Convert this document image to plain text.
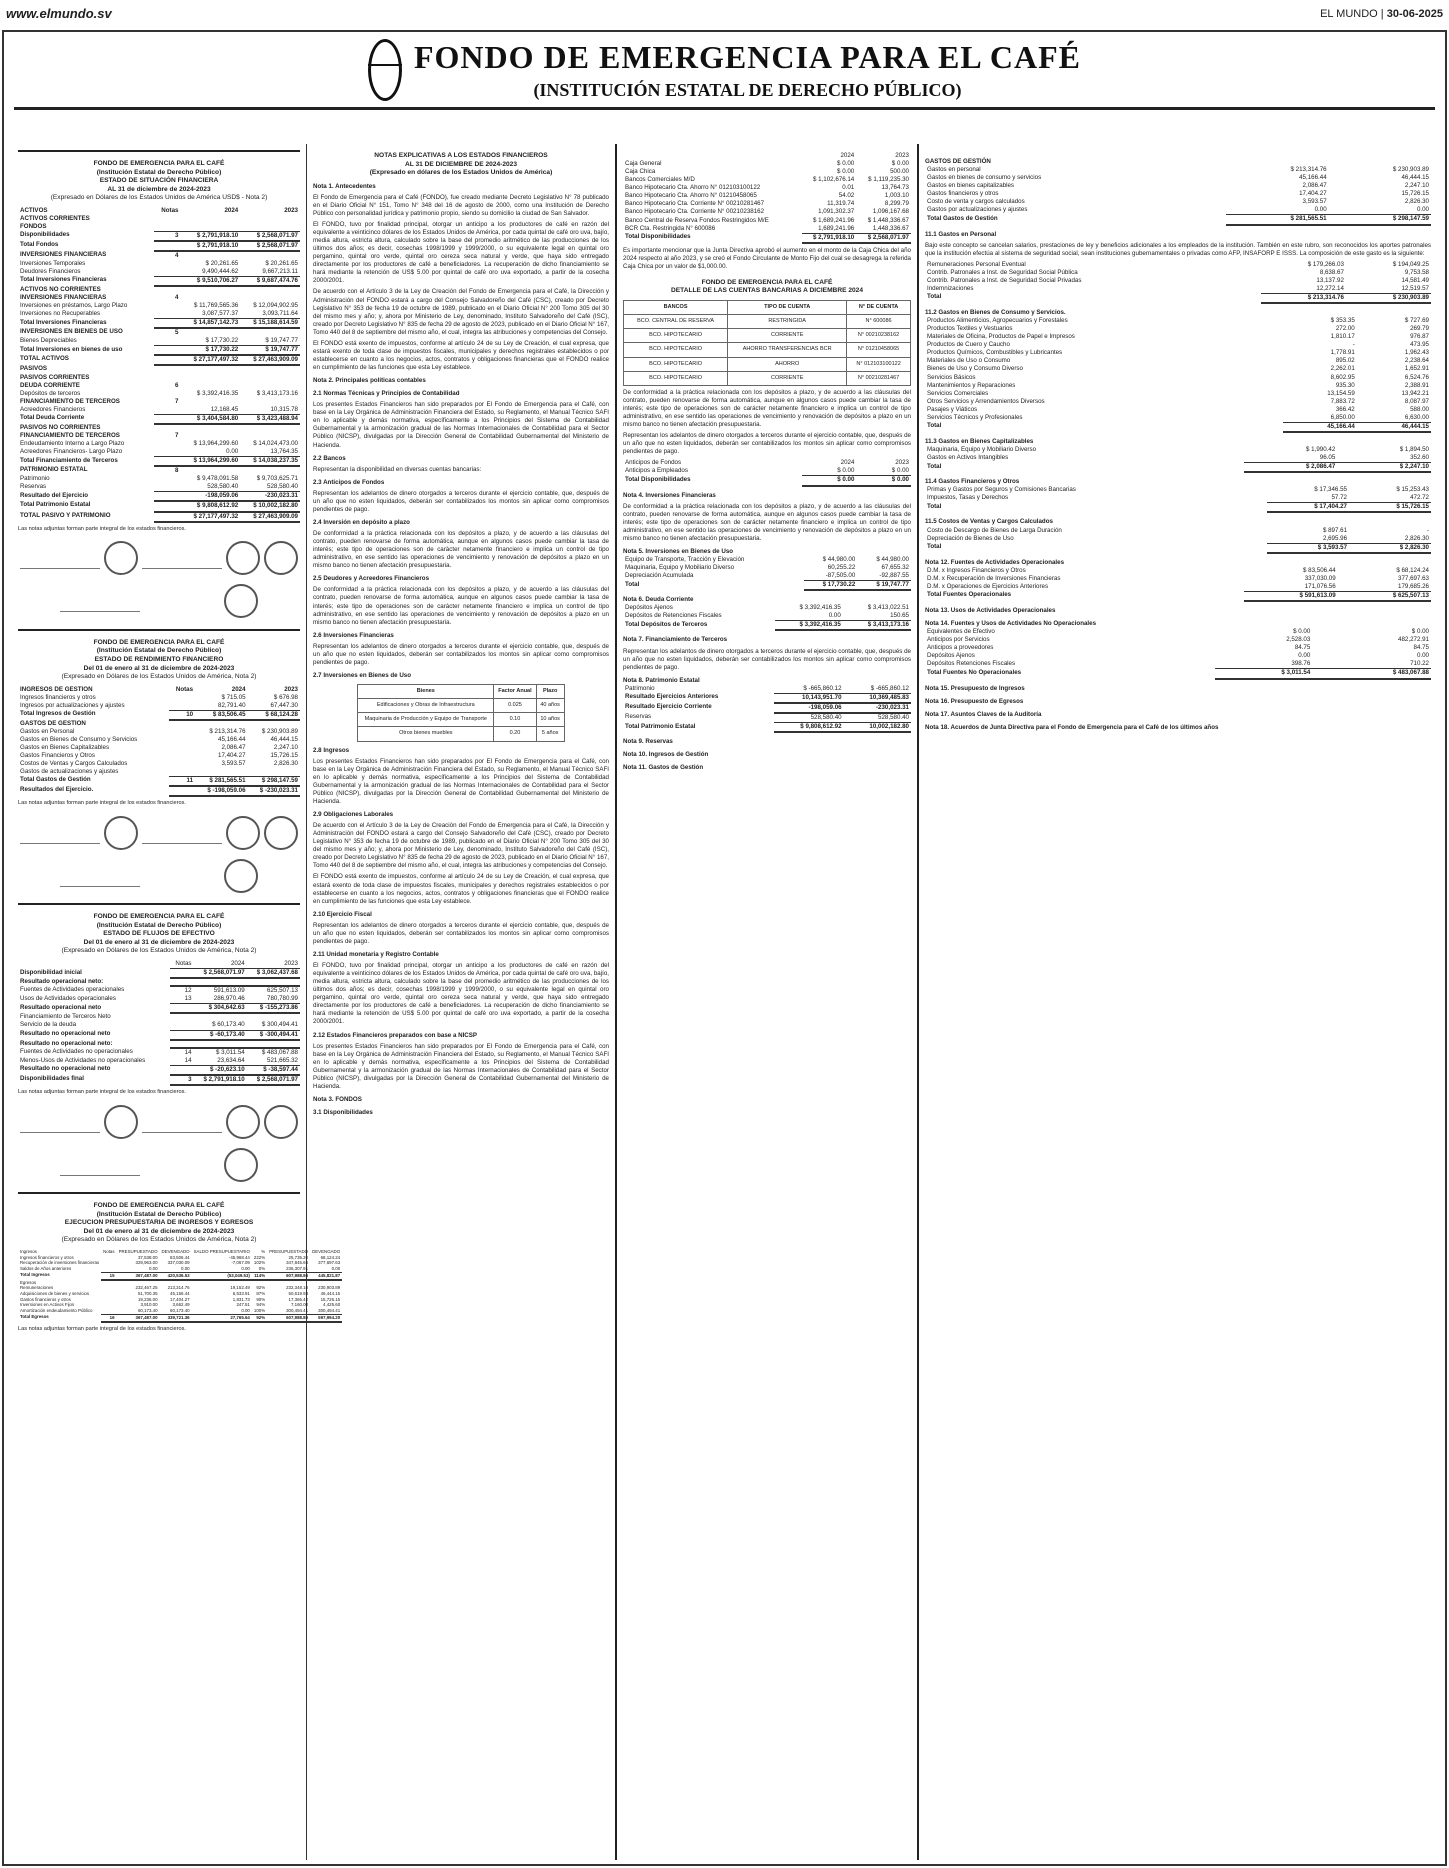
www.elmundo.sv	EL MUNDO | 30-06-2025
FONDO DE EMERGENCIA PARA EL CAFÉ
(INSTITUCIÓN ESTATAL DE DERECHO PÚBLICO)
FONDO DE EMERGENCIA PARA EL CAFÉ
(Institución Estatal de Derecho Público)
ESTADO DE SITUACIÓN FINANCIERA
AL 31 de diciembre de 2024-2023
(Expresado en Dólares de los Estados Unidos de América USD$ - Nota 2)
ACTIVOS	Notas	2024	2023
ACTIVOS CORRIENTES			
FONDOS			
Disponibilidades	3	$ 2,791,918.10	$ 2,568,071.97
Total Fondos		$ 2,791,918.10	$ 2,568,071.97
INVERSIONES FINANCIERAS	4		
Inversiones Temporales		$ 20,261.65	$ 20,261.65
Deudores Financieros		9,490,444.62	9,667,213.11
Total Inversiones Financieras		$ 9,510,706.27	$ 9,687,474.76
ACTIVOS NO CORRIENTES			
INVERSIONES FINANCIERAS	4		
Inversiones en préstamos, Largo Plazo		$ 11,769,565.36	$ 12,094,902.95
Inversiones no Recuperables		3,087,577.37	3,093,711.64
Total Inversiones Financieras		$ 14,857,142.73	$ 15,188,614.59
INVERSIONES EN BIENES DE USO	5		
Bienes Depreciables		$ 17,730.22	$ 19,747.77
Total Inversiones en bienes de uso		$ 17,730.22	$ 19,747.77
TOTAL ACTIVOS		$ 27,177,497.32	$ 27,463,909.09
PASIVOS			
PASIVOS CORRIENTES			
DEUDA CORRIENTE	6		
Depósitos de terceros		$ 3,392,416.35	$ 3,413,173.16
FINANCIAMIENTO DE TERCEROS	7		
Acreedores Financieros		12,168.45	10,315.78
Total Deuda Corriente		$ 3,404,584.80	$ 3,423,488.94
PASIVOS NO CORRIENTES			
FINANCIAMIENTO DE TERCEROS	7		
Endeudamiento Interno a Largo Plazo		$ 13,964,299.60	$ 14,024,473.00
Acreedores Financieros- Largo Plazo		0.00	13,764.35
Total Financiamiento de Terceros		$ 13,964,299.60	$ 14,038,237.35
PATRIMONIO ESTATAL	8		
Patrimonio		$ 9,478,091.58	$ 9,703,625.71
Reservas		528,580.40	528,580.40
Resultado del Ejercicio		-198,059.06	-230,023.31
Total Patrimonio Estatal		$ 9,808,612.92	$ 10,002,182.80
TOTAL PASIVO Y PATRIMONIO		$ 27,177,497.32	$ 27,463,909.09
Las notas adjuntas forman parte integral de los estados financieros.
FONDO DE EMERGENCIA PARA EL CAFÉ
(Institución Estatal de Derecho Público)
ESTADO DE RENDIMIENTO FINANCIERO
Del 01 de enero al 31 de diciembre de 2024-2023
(Expresado en Dólares de los Estados Unidos de América, Nota 2)
INGRESOS DE GESTION	Notas	2024	2023
Ingresos financieros y otros		$ 715.05	$ 676.98
Ingresos por actualizaciones y ajustes		82,791.40	67,447.30
Total Ingresos de Gestión	10	$ 83,506.45	$ 68,124.28
GASTOS DE GESTION			
Gastos en Personal		$ 213,314.76	$ 230,903.89
Gastos en Bienes de Consumo y Servicios		45,166.44	46,444.15
Gastos en Bienes Capitalizables		2,086.47	2,247.10
Gastos Financieros y Otros		17,404.27	15,726.15
Costos de Ventas y Cargos Calculados		3,593.57	2,826.30
Gastos de actualizaciones y ajustes			
Total Gastos de Gestión	11	$ 281,565.51	$ 298,147.59
Resultados del Ejercicio.		$ -198,059.06	$ -230,023.31
Las notas adjuntas forman parte integral de los estados financieros.
FONDO DE EMERGENCIA PARA EL CAFÉ
(Institución Estatal de Derecho Público)
ESTADO DE FLUJOS DE EFECTIVO
Del 01 de enero al 31 de diciembre de 2024-2023
(Expresado en Dólares de los Estados Unidos de América, Nota 2)
	Notas	2024	2023
Disponibilidad inicial		$ 2,568,071.97	$ 3,062,437.68
Resultado operacional neto:			
Fuentes de Actividades operacionales	12	591,613.09	625,507.13
Usos de Actividades operacionales	13	286,970.46	780,780.99
Resultado operacional neto		$ 304,642.63	$ -155,273.86
Financiamiento de Terceros Neto			
Servicio de la deuda		$ 60,173.40	$ 300,494.41
Resultado no operacional neto		$ -60,173.40	$ -300,494.41
Resultado no operacional neto:			
Fuentes de Actividades no operacionales	14	$ 3,011.54	$ 483,067.88
Menos-Usos de Actividades no operacionales	14	23,634.64	521,665.32
Resultado no operacional neto		$ -20,623.10	$ -38,597.44
Disponibilidades final	3	$ 2,791,918.10	$ 2,568,071.97
Las notas adjuntas forman parte integral de los estados financieros.
FONDO DE EMERGENCIA PARA EL CAFÉ
(Institución Estatal de Derecho Público)
EJECUCION PRESUPUESTARIA DE INGRESOS Y EGRESOS
Del 01 de enero al 31 de diciembre de 2024-2023
(Expresado en Dólares de los Estados Unidos de América, Nota 2)
Ingresos	Notas	PRESUPUESTADO	DEVENGADO	SALDO PRESUPUESTARIO	%	PRESUPUESTADO	DEVENGADO
Ingresos financieros y otros		37,538.00	83,506.44	-45,968.44	222%	25,735.20	68,124.24
Recuperación de inversiones financieras		329,963.00	337,030.09	-7,067.09	102%	347,845.65	377,697.63
Saldos de Años anteriores		0.00	0.00	0.00	0%	236,307.91	0.00
Total Ingresos	15	367,487.00	420,536.53	(53,049.53)	114%	607,988.86	445,821.87
Egresos							
Remuneraciones		232,467.25	213,314.76	19,152.49	92%	232,348.10	230,903.89
Adquisiciones de bienes y servicios		51,700.35	45,166.44	6,533.91	87%	50,619.93	46,444.15
Gastos financieros y otros		19,236.00	17,404.27	1,831.73	90%	17,366.42	15,726.15
Inversiones en Activos Fijos		3,910.00	3,662.49	247.51	94%	7,160.00	4,425.60
Amortización endeudamiento Público		60,173.40	60,173.40	0.00	100%	300,494.41	300,494.41
Total Egresos	16	367,487.00	339,721.36	27,765.64	92%	607,988.86	597,994.20
Las notas adjuntas forman parte integral de los estados financieros.
NOTAS EXPLICATIVAS A LOS ESTADOS FINANCIEROS
AL 31 DE DICIEMBRE DE 2024-2023
(Expresado en dólares de los Estados Unidos de América)
Nota 1. Antecedentes

El Fondo de Emergencia para el Café (FONDO), fue creado mediante Decreto Legislativo N° 78 publicado en el Diario Oficial N° 151, Tomo N° 348 del 16 de agosto de 2000, como una Institución de Derecho Público con personalidad jurídica y patrimonio propio, siendo su domicilio la ciudad de San Salvador.

El FONDO, tuvo por finalidad principal, otorgar un anticipo a los productores de café en razón del equivalente a veinticinco dólares de los Estados Unidos de América, por cada quintal de café oro uva, bajío, media altura, estricta altura, calculado sobre la base del promedio aritmético de las producciones de los últimos dos años; es decir, cosechas 1998/1999 y 1999/2000, o su equivalente legal en quintal oro pergamino, quintal oro verde, quintal oro cereza seca natural y verde, que haya sido entregado directamente por los productores de café a beneficiadores. La recuperación de dicho financiamiento se hará mediante la retención de US$ 5.00 por quintal de café oro uva exportado, a partir de la cosecha 2000/2001.

De acuerdo con el Artículo 3 de la Ley de Creación del Fondo de Emergencia para el Café, la Dirección y Administración del FONDO estará a cargo del Consejo Salvadoreño del Café (CSC), creado por Decreto Legislativo N° 353 de fecha 19 de octubre de 1989, publicado en el Diario Oficial N° 200 Tomo 305 del 30 del mismo mes y año; y, ahora por Ministerio de Ley, denominado, Instituto Salvadoreño del Café (ISC), creado por Decreto Legislativo N° 835 de fecha 29 de agosto de 2023, publicado en el Diario Oficial N° 167, Tomo 440 del 8 de septiembre del mismo año, el cual, integra las atribuciones y competencias del Consejo.

El FONDO está exento de impuestos, conforme al artículo 24 de su Ley de Creación, el cual expresa, que estará exento de toda clase de impuestos fiscales, municipales y derechos registrales establecidos o por establecerse en cuanto a los negocios, actos, contratos y obligaciones financieras que el FONDO realice en cumplimiento de las funciones que esta Ley establece.

Nota 2. Principales políticas contables
2.1 Normas Técnicas y Principios de Contabilidad

Los presentes Estados Financieros han sido preparados por El Fondo de Emergencia para el Café, con base en la Ley Orgánica de Administración Financiera del Estado, su Reglamento, el Manual Técnico SAFI en lo aplicable y demás normativa, específicamente a los Principios del Sistema de Contabilidad Gubernamental y la armonización gradual de las Normas Internacionales de Contabilidad para el Sector Público (NICSP), divulgadas por la Dirección General de Contabilidad Gubernamental del Ministerio de Hacienda.

2.2 Bancos

Representan la disponibilidad en diversas cuentas bancarias:

2.3 Anticipos de Fondos

Representan los adelantos de dinero otorgados a terceros durante el ejercicio contable, que, después de un año que no esten liquidados, deberán ser contabilizados los montos sin aplicar como compromisos pendientes de pago.

2.4 Inversión en depósito a plazo

De conformidad a la práctica relacionada con los depósitos a plazo, y de acuerdo a las cláusulas del contrato, pueden renovarse de forma automática, aunque en algunos casos puede cambiar la tasa de interés; este tipo de operaciones son de carácter netamente financiero e implica un control de tipo administrativo, en ese sentido las operaciones de vencimiento y renovación de depósitos a plazo en un mismo banco no tienen afectación presupuestaria.

2.5 Deudores y Acreedores Financieros

De conformidad a la práctica relacionada con los depósitos a plazo, y de acuerdo a las cláusulas del contrato, pueden renovarse de forma automática, aunque en algunos casos puede cambiar la tasa de interés; este tipo de operaciones son de carácter netamente financiero e implica un control de tipo administrativo, en ese sentido las operaciones de vencimiento y renovación de depósitos a plazo en un mismo banco no tienen afectación presupuestaria.

2.6 Inversiones Financieras

Representan los adelantos de dinero otorgados a terceros durante el ejercicio contable, que, después de un año que no esten liquidados, deberán ser contabilizados los montos sin aplicar como compromisos pendientes de pago.

2.7 Inversiones en Bienes de Uso
Bienes	Factor Anual	Plazo
Edificaciones y Obras de Infraestructura	0.025	40 años
Maquinaria de Producción y Equipo de Transporte	0.10	10 años
Otros bienes muebles	0.20	5 años
2.8 Ingresos

Los presentes Estados Financieros han sido preparados por El Fondo de Emergencia para el Café, con base en la Ley Orgánica de Administración Financiera del Estado, su Reglamento, el Manual Técnico SAFI en lo aplicable y demás normativa, específicamente a los Principios del Sistema de Contabilidad Gubernamental y la armonización gradual de las Normas Internacionales de Contabilidad para el Sector Público (NICSP), divulgadas por la Dirección General de Contabilidad Gubernamental del Ministerio de Hacienda.

2.9 Obligaciones Laborales

De acuerdo con el Artículo 3 de la Ley de Creación del Fondo de Emergencia para el Café, la Dirección y Administración del FONDO estará a cargo del Consejo Salvadoreño del Café (CSC), creado por Decreto Legislativo N° 353 de fecha 19 de octubre de 1989, publicado en el Diario Oficial N° 200 Tomo 305 del 30 del mismo mes y año; y, ahora por Ministerio de Ley, denominado, Instituto Salvadoreño del Café (ISC), creado por Decreto Legislativo N° 835 de fecha 29 de agosto de 2023, publicado en el Diario Oficial N° 167, Tomo 440 del 8 de septiembre del mismo año, el cual, integra las atribuciones y competencias del Consejo.

El FONDO está exento de impuestos, conforme al artículo 24 de su Ley de Creación, el cual expresa, que estará exento de toda clase de impuestos fiscales, municipales y derechos registrales establecidos o por establecerse en cuanto a los negocios, actos, contratos y obligaciones financieras que el FONDO realice en cumplimiento de las funciones que esta Ley establece.

2.10 Ejercicio Fiscal

Representan los adelantos de dinero otorgados a terceros durante el ejercicio contable, que, después de un año que no esten liquidados, deberán ser contabilizados los montos sin aplicar como compromisos pendientes de pago.

2.11 Unidad monetaria y Registro Contable

El FONDO, tuvo por finalidad principal, otorgar un anticipo a los productores de café en razón del equivalente a veinticinco dólares de los Estados Unidos de América, por cada quintal de café oro uva, bajío, media altura, estricta altura, calculado sobre la base del promedio aritmético de las producciones de los últimos dos años; es decir, cosechas 1998/1999 y 1999/2000, o su equivalente legal en quintal oro pergamino, quintal oro verde, quintal oro cereza seca natural y verde, que haya sido entregado directamente por los productores de café a beneficiadores. La recuperación de dicho financiamiento se hará mediante la retención de US$ 5.00 por quintal de café oro uva exportado, a partir de la cosecha 2000/2001.

2.12 Estados Financieros preparados con base a NICSP

Los presentes Estados Financieros han sido preparados por El Fondo de Emergencia para el Café, con base en la Ley Orgánica de Administración Financiera del Estado, su Reglamento, el Manual Técnico SAFI en lo aplicable y demás normativa, específicamente a los Principios del Sistema de Contabilidad Gubernamental y la armonización gradual de las Normas Internacionales de Contabilidad para el Sector Público (NICSP), divulgadas por la Dirección General de Contabilidad Gubernamental del Ministerio de Hacienda.

Nota 3. FONDOS
3.1 Disponibilidades
	2024	2023
Caja General	$ 0.00	$ 0.00
Caja Chica	$ 0.00	500.00
Bancos Comerciales M/D	$ 1,102,676.14	$ 1,119,235.30
Banco Hipotecario Cta. Ahorro N° 01210310012​2	0.01	13,764.73
Banco Hipotecario Cta. Ahorro N° 01210458065	54.02	1,003.10
Banco Hipotecario Cta. Corriente N° 00210281467	11,319.74	8,299.79
Banco Hipotecario Cta. Corriente N° 00210238162	1,091,302.37	1,096,167.68
Banco Central de Reserva Fondos Restringidos M/E	$ 1,689,241.96	$ 1,448,336.67
BCR Cta. Restringida N° 600086	1,689,241.96	1,448,336.67
Total Disponibilidades	$ 2,791,918.10	$ 2,568,071.97

Es importante mencionar que la Junta Directiva aprobó el aumento en el monto de la Caja Chica del año 2024 respecto al año 2023, y se creó el Fondo Circulante de Monto Fijo del cual se desagrega la referida Caja Chica por un valor de $1,000.00.

FONDO DE EMERGENCIA PARA EL CAFÉ
DETALLE DE LAS CUENTAS BANCARIAS A DICIEMBRE 2024
BANCOS	TIPO DE CUENTA	N° DE CUENTA
BCO. CENTRAL DE RESERVA	RESTRINGIDA	N° 600086
BCO. HIPOTECARIO	CORRIENTE	N° 00210238162
BCO. HIPOTECARIO	AHORRO TRANSFERENCIAS BCR	N° 01210458065
BCO. HIPOTECARIO	AHORRO	N° 01210310012​2
BCO. HIPOTECARIO	CORRIENTE	N° 00210281467

De conformidad a la práctica relacionada con los depósitos a plazo, y de acuerdo a las cláusulas del contrato, pueden renovarse de forma automática, aunque en algunos casos puede cambiar la tasa de interés; este tipo de operaciones son de carácter netamente financiero e implica un control de tipo administrativo, en ese sentido las operaciones de vencimiento y renovación de depósitos a plazo en un mismo banco no tienen afectación presupuestaria.

Representan los adelantos de dinero otorgados a terceros durante el ejercicio contable, que, después de un año que no esten liquidados, deberán ser contabilizados los montos sin aplicar como compromisos pendientes de pago.

Anticipos de Fondos	2024	2023
Anticipos a Empleados	$ 0.00	$ 0.00
Total Disponibilidades	$ 0.00	$ 0.00
Nota 4. Inversiones Financieras

De conformidad a la práctica relacionada con los depósitos a plazo, y de acuerdo a las cláusulas del contrato, pueden renovarse de forma automática, aunque en algunos casos puede cambiar la tasa de interés; este tipo de operaciones son de carácter netamente financiero e implica un control de tipo administrativo, en ese sentido las operaciones de vencimiento y renovación de depósitos a plazo en un mismo banco no tienen afectación presupuestaria.

Nota 5. Inversiones en Bienes de Uso
Equipo de Transporte, Tracción y Elevación	$ 44,980.00	$ 44,980.00
Maquinaria, Equipo y Mobiliario Diverso	60,255.22	67,655.32
Depreciación Acumulada	-87,505.00	-92,887.55
Total	$ 17,730.22	$ 19,747.77
Nota 6. Deuda Corriente
Depósitos Ajenos	$ 3,392,416.35	$ 3,413,022.51
Depósitos de Retenciones Fiscales	0.00	150.65
Total Depósitos de Terceros	$ 3,392,416.35	$ 3,413,173.16
Nota 7. Financiamiento de Terceros

Representan los adelantos de dinero otorgados a terceros durante el ejercicio contable, que, después de un año que no esten liquidados, deberán ser contabilizados los montos sin aplicar como compromisos pendientes de pago.

Nota 8. Patrimonio Estatal
Patrimonio	$ -665,860.12	$ -665,860.12
Resultado Ejercicios Anteriores	10,143,951.70	10,369,485.83
Resultado Ejercicio Corriente	-198,059.06	-230,023.31
Reservas	528,580.40	528,580.40
Total Patrimonio Estatal	$ 9,808,612.92	10,002,182.80
Nota 9. Reservas
Nota 10. Ingresos de Gestión
Nota 11. Gastos de Gestión
GASTOS DE GESTIÓN
Gastos en personal	$ 213,314.76	$ 230,903.89
Gastos en bienes de consumo y servicios	45,166.44	46,444.15
Gastos en bienes capitalizables	2,086.47	2,247.10
Gastos financieros y otros	17,404.27	15,726.15
Costo de venta y cargos calculados	3,593.57	2,826.30
Gastos por actualizaciones y ajustes	0.00	0.00
Total Gastos de Gestión	$ 281,565.51	$ 298,147.59
11.1 Gastos en Personal

Bajo este concepto se cancelan salarios, prestaciones de ley y beneficios adicionales a los empleados de la institución. También en este rubro, son reconocidos los aportes patronales que la institución efectúa al sistema de seguridad social, sean instituciones gubernamentales o privadas como AFP, INSAFORP E ISSS. La composición de este gasto es la siguiente:

Remuneraciones Personal Eventual	$ 179,266.03	$ 194,049.25
Contrib. Patronales a Inst. de Seguridad Social Pública	8,638.67	9,753.58
Contrib. Patronales a Inst. de Seguridad Social Privadas	13,137.92	14,581.49
Indemnizaciones	12,272.14	12,519.57
Total	$ 213,314.76	$ 230,903.89
11.2 Gastos en Bienes de Consumo y Servicios.
Productos Alimenticios, Agropecuarios y Forestales	$ 353.35	$ 727.69
Productos Textiles y Vestuarios	272.00	269.79
Materiales de Oficina, Productos de Papel e Impresos	1,810.17	976.87
Productos de Cuero y Caucho	-	473.95
Productos Químicos, Combustibles y Lubricantes	1,778.91	1,962.43
Materiales de Uso o Consumo	895.02	2,238.64
Bienes de Uso y Consumo Diverso	2,262.01	1,652.91
Servicios Básicos	8,602.95	6,524.76
Mantenimientos y Reparaciones	935.30	2,388.91
Servicios Comerciales	13,154.59	13,942.21
Otros Servicios y Arrendamientos Diversos	7,883.72	8,087.97
Pasajes y Viáticos	366.42	588.00
Servicios Técnicos y Profesionales	6,850.00	6,630.00
Total	45,166.44	46,444.15
11.3 Gastos en Bienes Capitalizables
Maquinaria, Equipo y Mobiliario Diverso	$ 1,990.42	$ 1,894.50
Gastos en Activos Intangibles	96.05	352.60
Total	$ 2,086.47	$ 2,247.10
11.4 Gastos Financieros y Otros
Primas y Gastos por Seguros y Comisiones Bancarias	$ 17,346.55	$ 15,253.43
Impuestos, Tasas y Derechos	57.72	472.72
Total	$ 17,404.27	$ 15,726.15
11.5 Costos de Ventas y Cargos Calculados
Costo de Descargo de Bienes de Larga Duración	$ 897.61	-
Depreciación de Bienes de Uso	2,695.96	2,826.30
Total	$ 3,593.57	$ 2,826.30
Nota 12. Fuentes de Actividades Operacionales
D.M. x Ingresos Financieros y Otros	$ 83,506.44	$ 68,124.24
D.M. x Recuperación de Inversiones Financieras	337,030.09	377,697.63
D.M. x Operaciones de Ejercicios Anteriores	171,076.56	179,685.26
Total Fuentes Operacionales	$ 591,613.09	$ 625,507.13
Nota 13. Usos de Actividades Operacionales
Nota 14. Fuentes y Usos de Actividades No Operacionales
Equivalentes de Efectivo	$ 0.00	$ 0.00
Anticipos por Servicios	2,528.03	482,272.91
Anticipos a proveedores	84.75	84.75
Depósitos Ajenos	0.00	0.00
Depósitos Retenciones Fiscales	398.76	710.22
Total Fuentes No Operacionales	$ 3,011.54	$ 483,067.88
Nota 15. Presupuesto de Ingresos
Nota 16. Presupuesto de Egresos
Nota 17. Asuntos Claves de la Auditoría
Nota 18. Acuerdos de Junta Directiva para el Fondo de Emergencia para el Café de los últimos años
